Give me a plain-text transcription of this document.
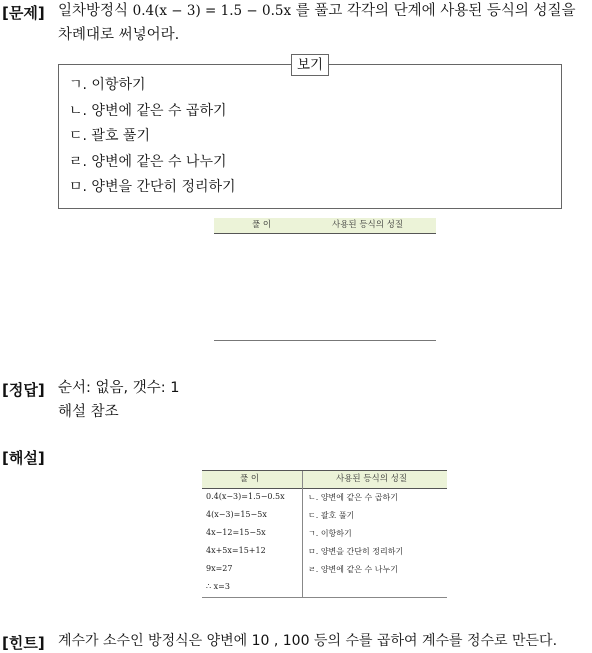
[문제] 일차방정식 0.4(x − 3) = 1.5 − 0.5x 를 풀고 각각의 단계에 사용된 등식의 성질을
차례대로 써넣어라.
보기
ㄱ. 이항하기
ㄴ. 양변에 같은 수 곱하기
ㄷ. 괄호 풀기
ㄹ. 양변에 같은 수 나누기
ㅁ. 양변을 간단히 정리하기
풀 이	사용된 등식의 성질
[정답] 순서: 없음, 갯수: 1
해설 참조
[해설]
풀 이	사용된 등식의 성질
0.4(x−3)=1.5−0.5x	ㄴ. 양변에 같은 수 곱하기
4(x−3)=15−5x	ㄷ. 괄호 풀기
4x−12=15−5x	ㄱ. 이항하기
4x+5x=15+12	ㅁ. 양변을 간단히 정리하기
9x=27	ㄹ. 양변에 같은 수 나누기
∴ x=3
[힌트] 계수가 소수인 방정식은 양변에 10 , 100 등의 수를 곱하여 계수를 정수로 만든다.
